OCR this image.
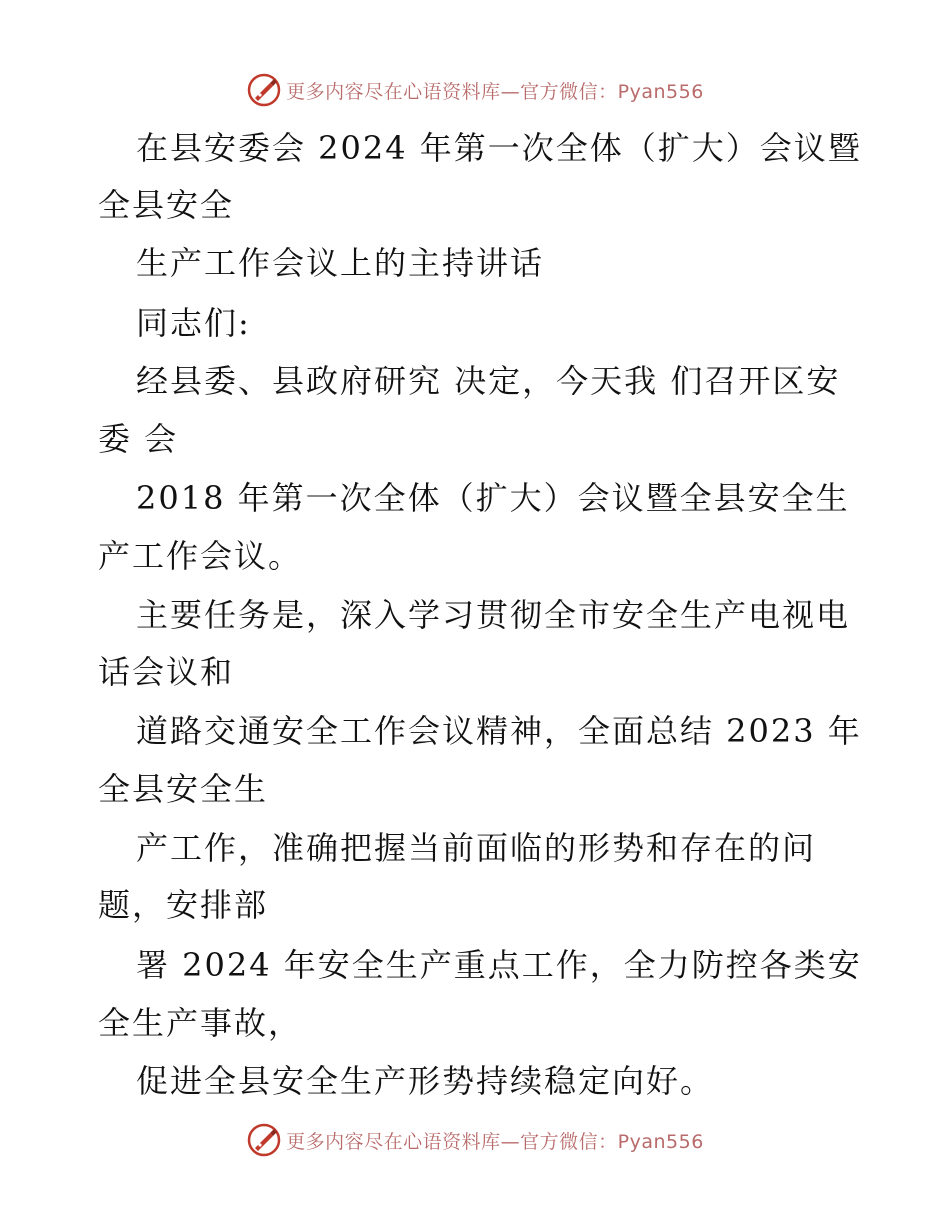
更多内容尽在心语资料库—官方微信：Pyan556
在县安委会 2024 年第一次全体（扩大）会议暨
全县安全
生产工作会议上的主持讲话
同志们:
经县委、县政府研究 决定，今天我 们召开区安
委 会
2018 年第一次全体（扩大）会议暨全县安全生
产工作会议。
主要任务是，深入学习贯彻全市安全生产电视电
话会议和
道路交通安全工作会议精神，全面总结 2023 年
全县安全生
产工作，准确把握当前面临的形势和存在的问
题，安排部
署 2024 年安全生产重点工作，全力防控各类安
全生产事故，
促进全县安全生产形势持续稳定向好。
更多内容尽在心语资料库—官方微信：Pyan556
